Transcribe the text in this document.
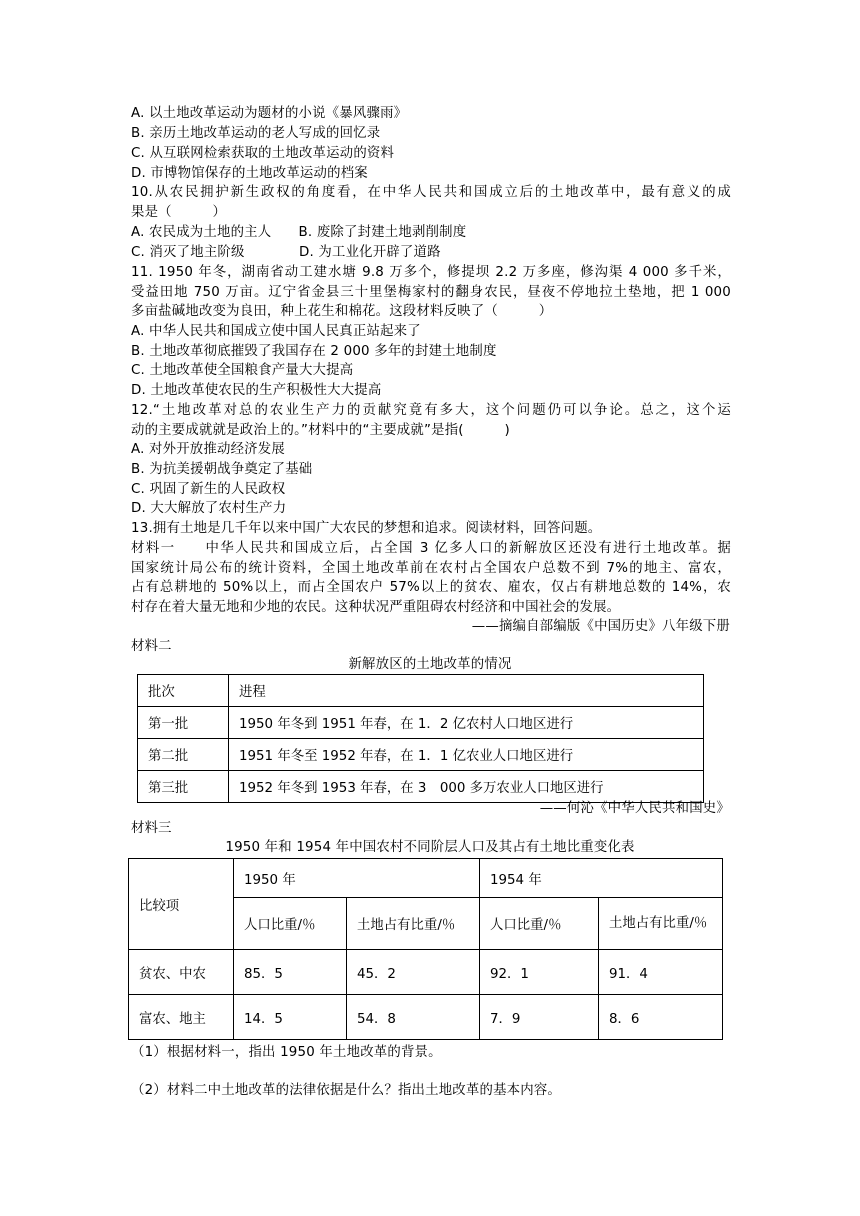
A. 以土地改革运动为题材的小说《暴风骤雨》
B. 亲历土地改革运动的老人写成的回忆录
C. 从互联网检索获取的土地改革运动的资料
D. 市博物馆保存的土地改革运动的档案
10.从农民拥护新生政权的角度看，在中华人民共和国成立后的土地改革中，最有意义的成
果是（　　　）
A. 农民成为土地的主人　　B. 废除了封建土地剥削制度
C. 消灭了地主阶级　　　　D. 为工业化开辟了道路
11. 1950 年冬，湖南省动工建水塘 9.8 万多个，修提坝 2.2 万多座，修沟渠 4 000 多千米，
受益田地 750 万亩。辽宁省金县三十里堡梅家村的翻身农民，昼夜不停地拉土垫地，把 1 000
多亩盐碱地改变为良田，种上花生和棉花。这段材料反映了（　　　）
A. 中华人民共和国成立使中国人民真正站起来了
B. 土地改革彻底摧毁了我国存在 2 000 多年的封建土地制度
C. 土地改革使全国粮食产量大大提高
D. 土地改革使农民的生产积极性大大提高
12.“土地改革对总的农业生产力的贡献究竟有多大，这个问题仍可以争论。总之，这个运
动的主要成就就是政治上的。”材料中的“主要成就”是指(　　　)
A. 对外开放推动经济发展
B. 为抗美援朝战争奠定了基础
C. 巩固了新生的人民政权
D. 大大解放了农村生产力
13.拥有土地是几千年以来中国广大农民的梦想和追求。阅读材料，回答问题。
材料一　　中华人民共和国成立后，占全国 3 亿多人口的新解放区还没有进行土地改革。据
国家统计局公布的统计资料，全国土地改革前在农村占全国农户总数不到 7%的地主、富农，
占有总耕地的 50%以上，而占全国农户 57%以上的贫农、雇农，仅占有耕地总数的 14%，农
村存在着大量无地和少地的农民。这种状况严重阻碍农村经济和中国社会的发展。
——摘编自部编版《中国历史》八年级下册
材料二
新解放区的土地改革的情况
批次	进程
第一批	1950 年冬到 1951 年春，在 1．2 亿农村人口地区进行
第二批	1951 年冬至 1952 年春，在 1．1 亿农业人口地区进行
第三批	1952 年冬到 1953 年春，在 3　000 多万农业人口地区进行
——何沁《中华人民共和国史》
材料三
1950 年和 1954 年中国农村不同阶层人口及其占有土地比重变化表
比较项	1950 年		1954 年	
	人口比重/％	土地占有比重/％	人口比重/％	土地占有比重/％
贫农、中农	85．5	45．2	92．1	91．4
富农、地主	14．5	54．8	7．9	8．6
（1）根据材料一，指出 1950 年土地改革的背景。
（2）材料二中土地改革的法律依据是什么？指出土地改革的基本内容。
